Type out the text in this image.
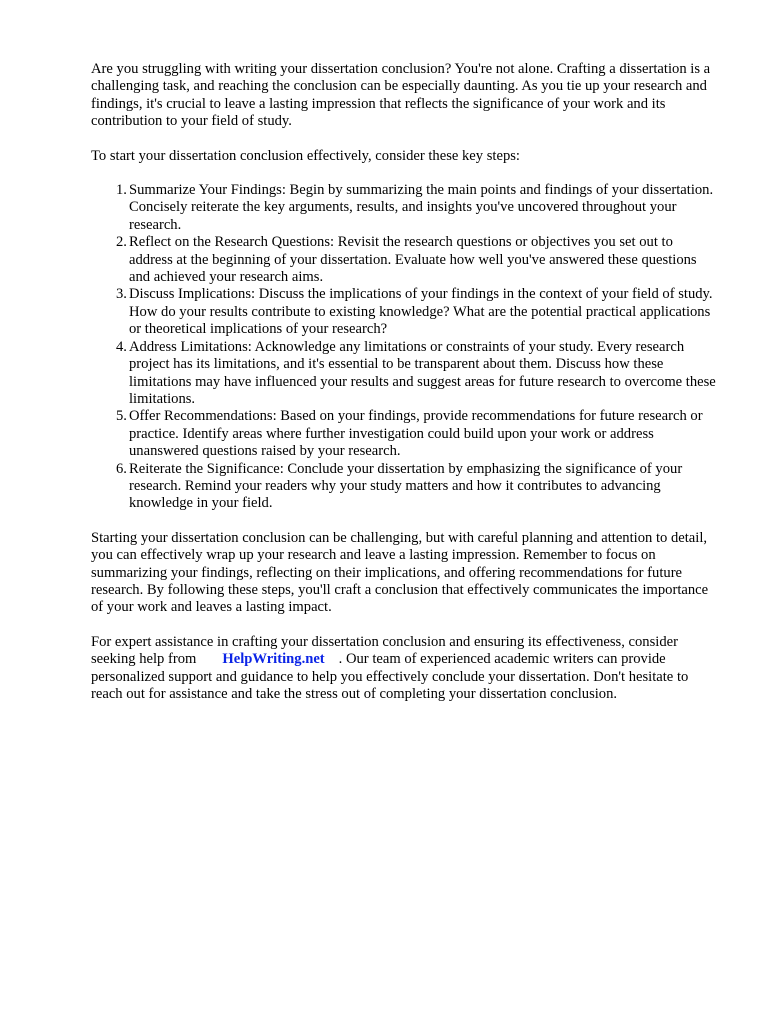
Are you struggling with writing your dissertation conclusion? You're not alone. Crafting a dissertation is a challenging task, and reaching the conclusion can be especially daunting. As you tie up your research and findings, it's crucial to leave a lasting impression that reflects the significance of your work and its contribution to your field of study.

To start your dissertation conclusion effectively, consider these key steps:

1. Summarize Your Findings: Begin by summarizing the main points and findings of your dissertation. Concisely reiterate the key arguments, results, and insights you've uncovered throughout your research.
2. Reflect on the Research Questions: Revisit the research questions or objectives you set out to address at the beginning of your dissertation. Evaluate how well you've answered these questions and achieved your research aims.
3. Discuss Implications: Discuss the implications of your findings in the context of your field of study. How do your results contribute to existing knowledge? What are the potential practical applications or theoretical implications of your research?
4. Address Limitations: Acknowledge any limitations or constraints of your study. Every research project has its limitations, and it's essential to be transparent about them. Discuss how these limitations may have influenced your results and suggest areas for future research to overcome these limitations.
5. Offer Recommendations: Based on your findings, provide recommendations for future research or practice. Identify areas where further investigation could build upon your work or address unanswered questions raised by your research.
6. Reiterate the Significance: Conclude your dissertation by emphasizing the significance of your research. Remind your readers why your study matters and how it contributes to advancing knowledge in your field.

Starting your dissertation conclusion can be challenging, but with careful planning and attention to detail, you can effectively wrap up your research and leave a lasting impression. Remember to focus on summarizing your findings, reflecting on their implications, and offering recommendations for future research. By following these steps, you'll craft a conclusion that effectively communicates the importance of your work and leaves a lasting impact.

For expert assistance in crafting your dissertation conclusion and ensuring its effectiveness, consider seeking help from HelpWriting.net . Our team of experienced academic writers can provide personalized support and guidance to help you effectively conclude your dissertation. Don't hesitate to reach out for assistance and take the stress out of completing your dissertation conclusion.
